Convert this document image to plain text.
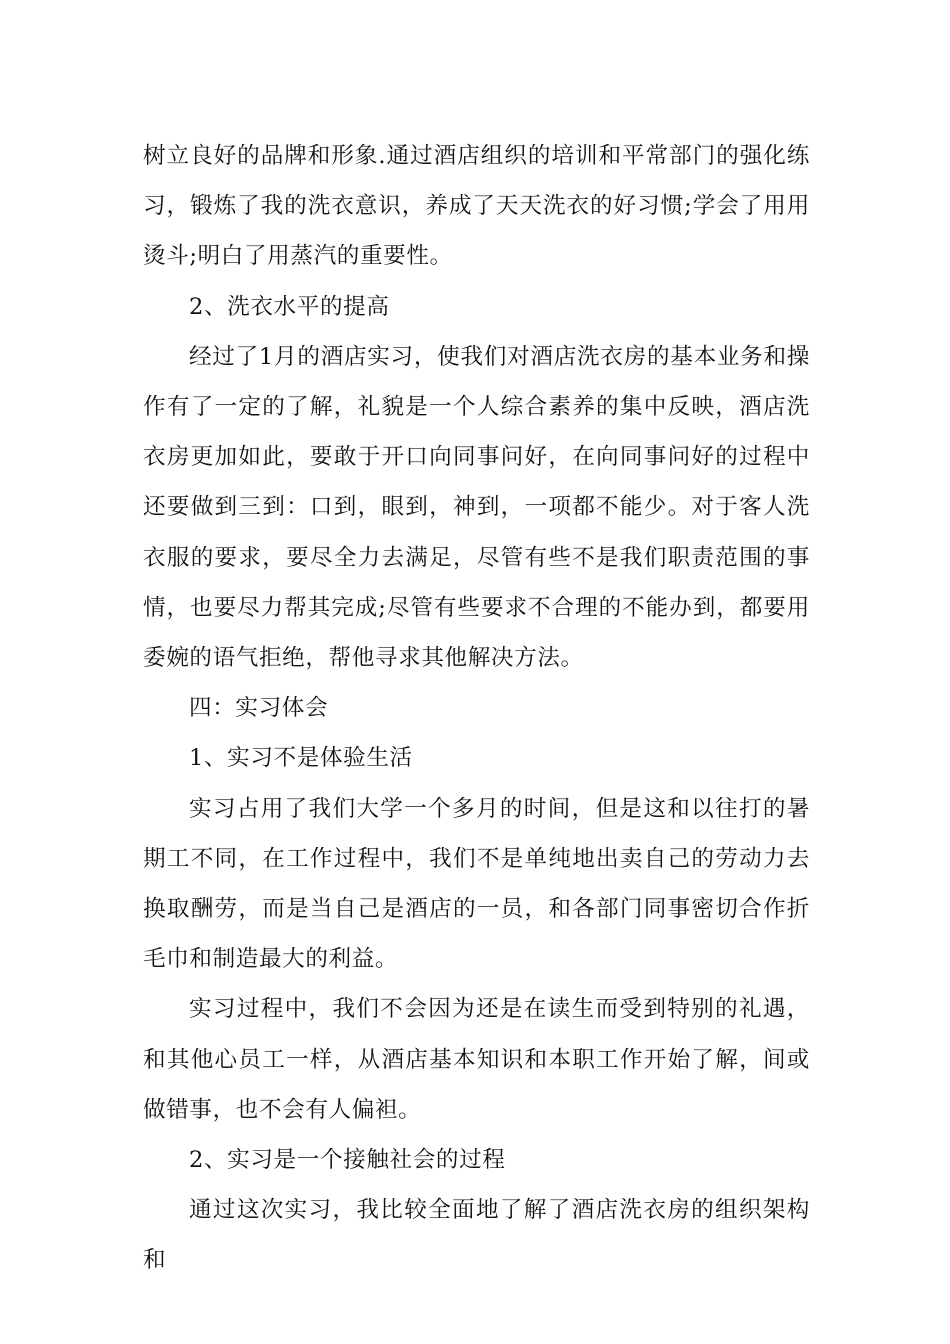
树立良好的品牌和形象.通过酒店组织的培训和平常部门的强化练习，锻炼了我的洗衣意识，养成了天天洗衣的好习惯;学会了用用烫斗;明白了用蒸汽的重要性。

2、洗衣水平的提高

经过了1月的酒店实习，使我们对酒店洗衣房的基本业务和操作有了一定的了解，礼貌是一个人综合素养的集中反映，酒店洗衣房更加如此，要敢于开口向同事问好，在向同事问好的过程中还要做到三到：口到，眼到，神到，一项都不能少。对于客人洗衣服的要求，要尽全力去满足，尽管有些不是我们职责范围的事情，也要尽力帮其完成;尽管有些要求不合理的不能办到，都要用委婉的语气拒绝，帮他寻求其他解决方法。

四：实习体会

1、实习不是体验生活

实习占用了我们大学一个多月的时间，但是这和以往打的暑期工不同，在工作过程中，我们不是单纯地出卖自己的劳动力去换取酬劳，而是当自己是酒店的一员，和各部门同事密切合作折毛巾和制造最大的利益。

实习过程中，我们不会因为还是在读生而受到特别的礼遇，和其他心员工一样，从酒店基本知识和本职工作开始了解，间或做错事，也不会有人偏袒。

2、实习是一个接触社会的过程

通过这次实习，我比较全面地了解了酒店洗衣房的组织架构和
